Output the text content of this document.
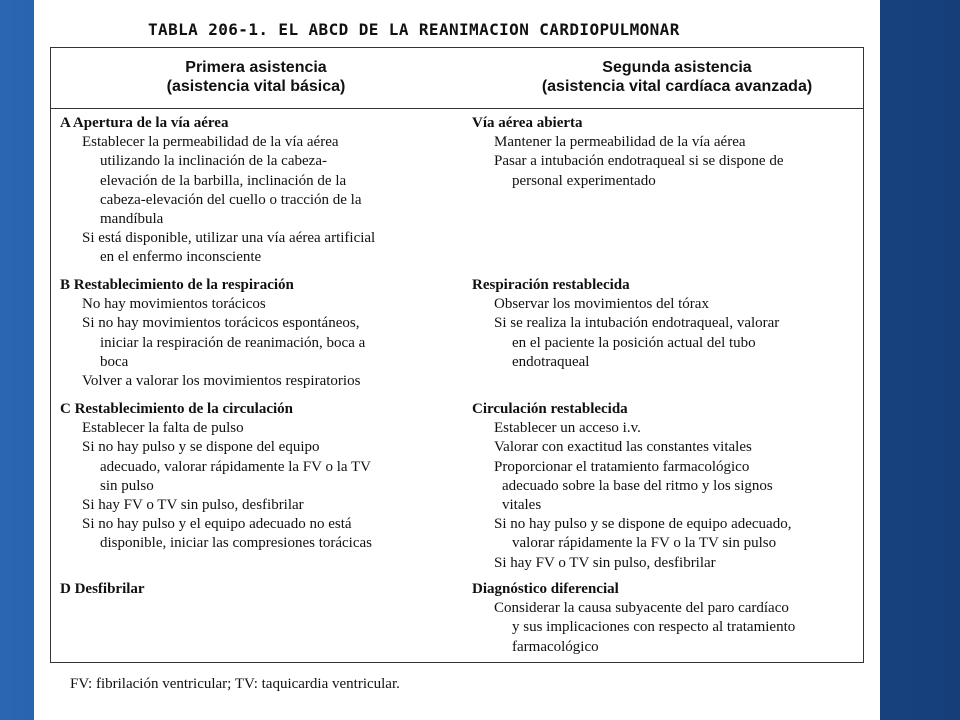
TABLA 206-1. EL ABCD DE LA REANIMACION CARDIOPULMONAR
Primera asistencia
(asistencia vital básica)
Segunda asistencia
(asistencia vital cardíaca avanzada)
A Apertura de la vía aérea
Establecer la permeabilidad de la vía aérea
utilizando la inclinación de la cabeza-
elevación de la barbilla, inclinación de la
cabeza-elevación del cuello o tracción de la
mandíbula
Si está disponible, utilizar una vía aérea artificial
en el enfermo inconsciente
Vía aérea abierta
Mantener la permeabilidad de la vía aérea
Pasar a intubación endotraqueal si se dispone de
personal experimentado
B Restablecimiento de la respiración
No hay movimientos torácicos
Si no hay movimientos torácicos espontáneos,
iniciar la respiración de reanimación, boca a
boca
Volver a valorar los movimientos respiratorios
Respiración restablecida
Observar los movimientos del tórax
Si se realiza la intubación endotraqueal, valorar
en el paciente la posición actual del tubo
endotraqueal
C Restablecimiento de la circulación
Establecer la falta de pulso
Si no hay pulso y se dispone del equipo
adecuado, valorar rápidamente la FV o la TV
sin pulso
Si hay FV o TV sin pulso, desfibrilar
Si no hay pulso y el equipo adecuado no está
disponible, iniciar las compresiones torácicas
Circulación restablecida
Establecer un acceso i.v.
Valorar con exactitud las constantes vitales
Proporcionar el tratamiento farmacológico
adecuado sobre la base del ritmo y los signos
vitales
Si no hay pulso y se dispone de equipo adecuado,
valorar rápidamente la FV o la TV sin pulso
Si hay FV o TV sin pulso, desfibrilar
D Desfibrilar	Diagnóstico diferencial
Considerar la causa subyacente del paro cardíaco
y sus implicaciones con respecto al tratamiento
farmacológico
FV: fibrilación ventricular; TV: taquicardia ventricular.
